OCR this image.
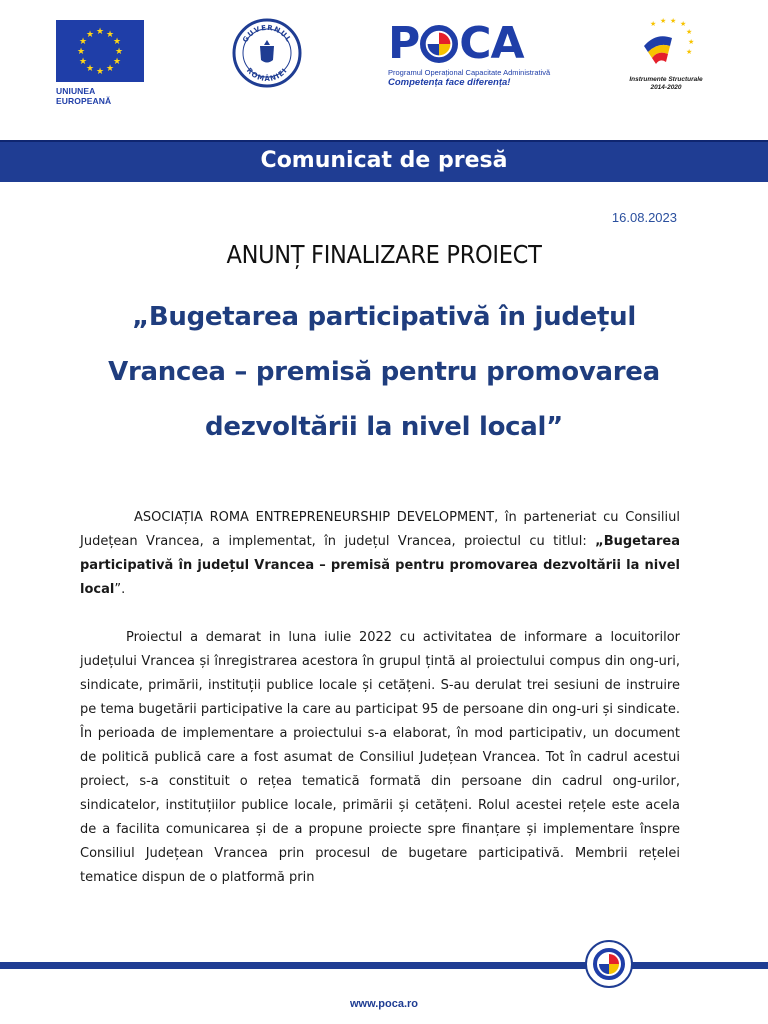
★ ★
★
★
★
★
★
★
★
★
★
★
UNIUNEA EUROPEANĂ
GUVERNUL
ROMÂNIEI
P CA
Programul Operațional Capacitate Administrativă
Competența face diferența!
★ ★ ★ ★
★
★
★
Instrumente Structurale
2014-2020
Comunicat de presă
16.08.2023
ANUNȚ FINALIZARE PROIECT
„Bugetarea participativă în județul
Vrancea – premisă pentru promovarea
dezvoltării la nivel local”
ASOCIAȚIA ROMA ENTREPRENEURSHIP DEVELOPMENT, în parteneriat cu Consiliul Județean Vrancea, a implementat, în județul Vrancea, proiectul cu titlul: „Bugetarea participativă în județul Vrancea – premisă pentru promovarea dezvoltării la nivel local”.
Proiectul a demarat in luna iulie 2022 cu activitatea de informare a locuitorilor județului Vrancea și înregistrarea acestora în grupul țintă al proiectului compus din ong-uri, sindicate, primării, instituții publice locale și cetățeni. S-au derulat trei sesiuni de instruire pe tema bugetării participative la care au participat 95 de persoane din ong-uri și sindicate. În perioada de implementare a proiectului s-a elaborat, în mod participativ, un document de politică publică care a fost asumat de Consiliul Județean Vrancea. Tot în cadrul acestui proiect, s-a constituit o rețea tematică formată din persoane din cadrul ong-urilor, sindicatelor, instituțiilor publice locale, primării și cetățeni. Rolul acestei rețele este acela de a facilita comunicarea și de a propune proiecte spre finanțare și implementare înspre Consiliul Județean Vrancea prin procesul de bugetare participativă. Membrii rețelei tematice dispun de o platformă prin
www.poca.ro
